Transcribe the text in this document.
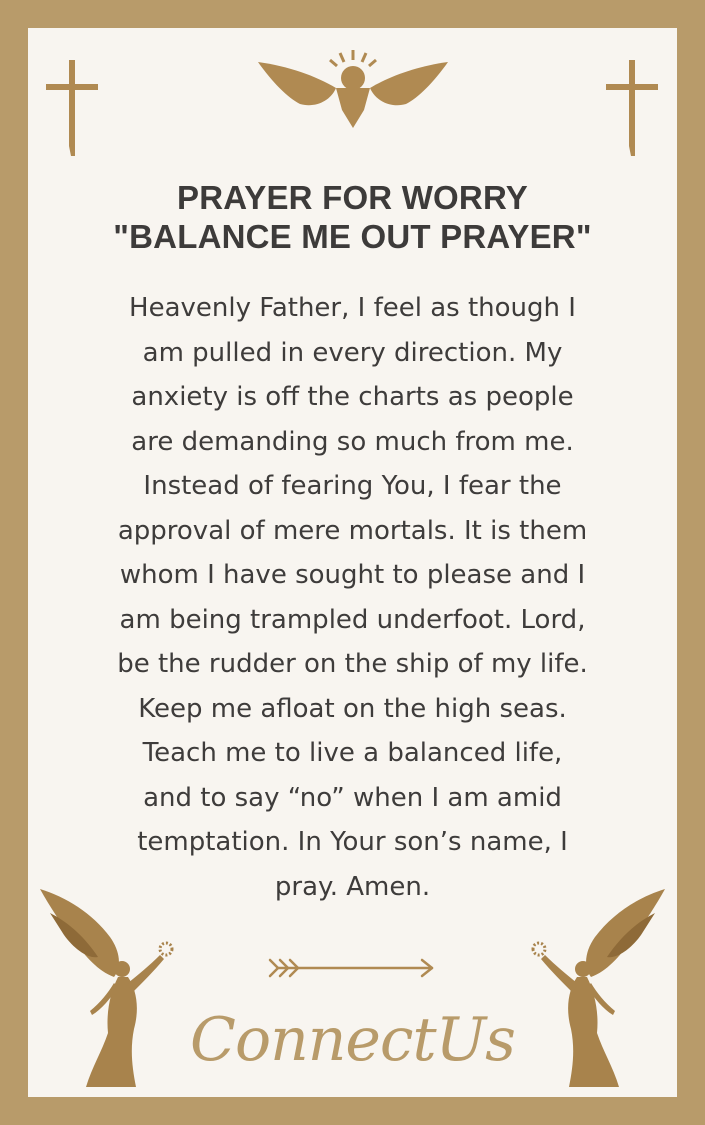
PRAYER FOR WORRY
"BALANCE ME OUT PRAYER"
Heavenly Father, I feel as though I
am pulled in every direction. My
anxiety is off the charts as people
are demanding so much from me.
Instead of fearing You, I fear the
approval of mere mortals. It is them
whom I have sought to please and I
am being trampled underfoot. Lord,
be the rudder on the ship of my life.
Keep me afloat on the high seas.
Teach me to live a balanced life,
and to say “no” when I am amid
temptation. In Your son’s name, I
pray. Amen.
ConnectUs
